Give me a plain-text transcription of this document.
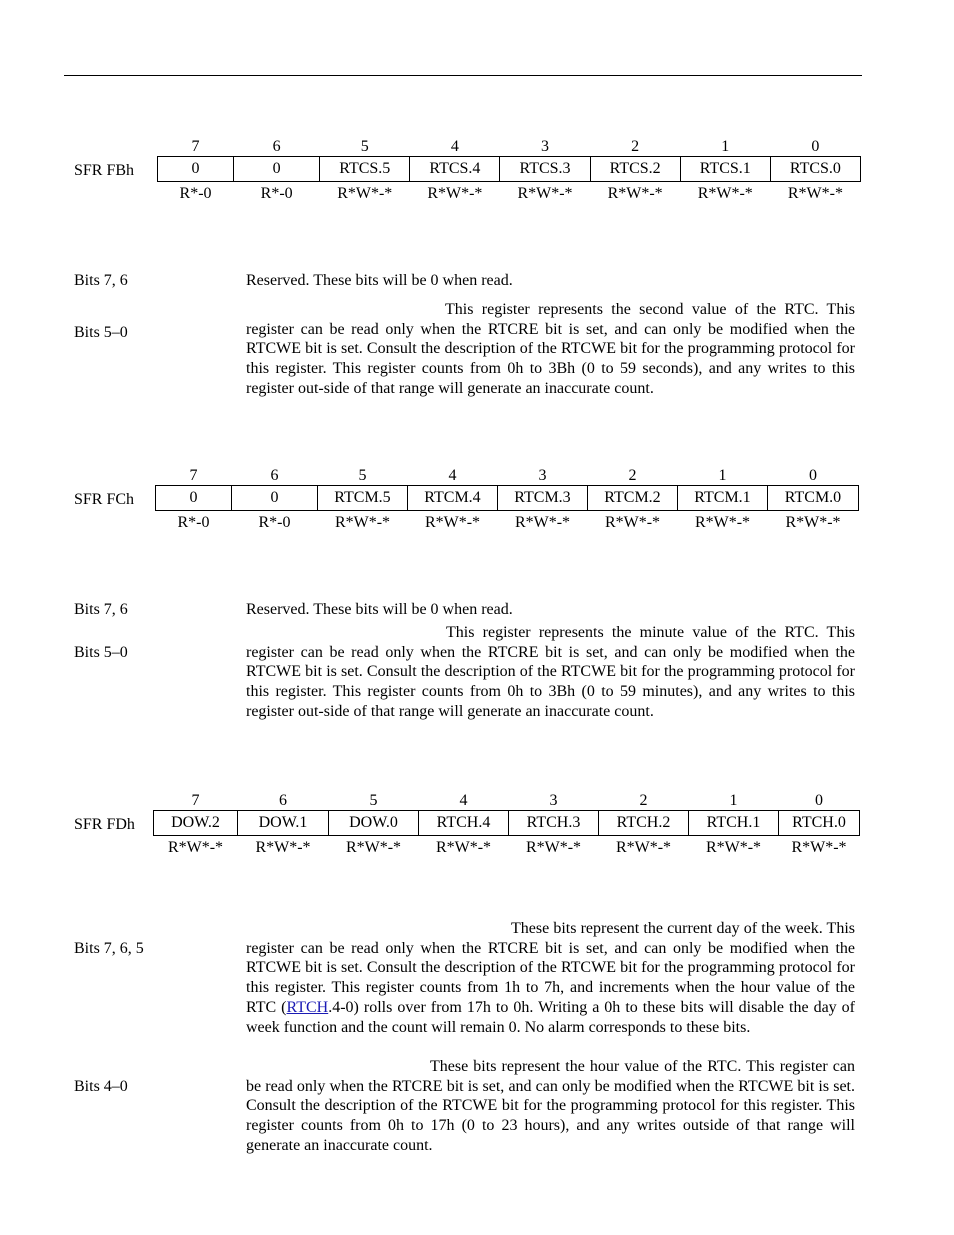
SFR FBh
7	6	5	4	3	2	1	0
0	0	RTCS.5	RTCS.4	RTCS.3	RTCS.2	RTCS.1	RTCS.0
R*-0	R*-0	R*W*-*	R*W*-*	R*W*-*	R*W*-*	R*W*-*	R*W*-*
Bits 7, 6	Reserved. These bits will be 0 when read.
Bits 5–0
This register represents the second value of the RTC. This register can be read only when the RTCRE bit is set, and can only be modified when the RTCWE bit is set. Consult the description of the RTCWE bit for the programming protocol for this register. This register counts from 0h to 3Bh (0 to 59 seconds), and any writes to this register out-side of that range will generate an inaccurate count.
SFR FCh
7	6	5	4	3	2	1	0
0	0	RTCM.5	RTCM.4	RTCM.3	RTCM.2	RTCM.1	RTCM.0
R*-0	R*-0	R*W*-*	R*W*-*	R*W*-*	R*W*-*	R*W*-*	R*W*-*
Bits 7, 6	Reserved. These bits will be 0 when read.
Bits 5–0
This register represents the minute value of the RTC. This register can be read only when the RTCRE bit is set, and can only be modified when the RTCWE bit is set. Consult the description of the RTCWE bit for the programming protocol for this register. This register counts from 0h to 3Bh (0 to 59 minutes), and any writes to this register out-side of that range will generate an inaccurate count.
SFR FDh
7	6	5	4	3	2	1	0
DOW.2	DOW.1	DOW.0	RTCH.4	RTCH.3	RTCH.2	RTCH.1	RTCH.0
R*W*-*	R*W*-*	R*W*-*	R*W*-*	R*W*-*	R*W*-*	R*W*-*	R*W*-*
Bits 7, 6, 5
These bits represent the current day of the week. This register can be read only when the RTCRE bit is set, and can only be modified when the RTCWE bit is set. Consult the description of the RTCWE bit for the programming protocol for this register. This register counts from 1h to 7h, and increments when the hour value of the RTC (RTCH.4-0) rolls over from 17h to 0h. Writing a 0h to these bits will disable the day of week function and the count will remain 0. No alarm corresponds to these bits.
Bits 4–0
These bits represent the hour value of the RTC. This register can be read only when the RTCRE bit is set, and can only be modified when the RTCWE bit is set. Consult the description of the RTCWE bit for the programming protocol for this register. This register counts from 0h to 17h (0 to 23 hours), and any writes outside of that range will generate an inaccurate count.
